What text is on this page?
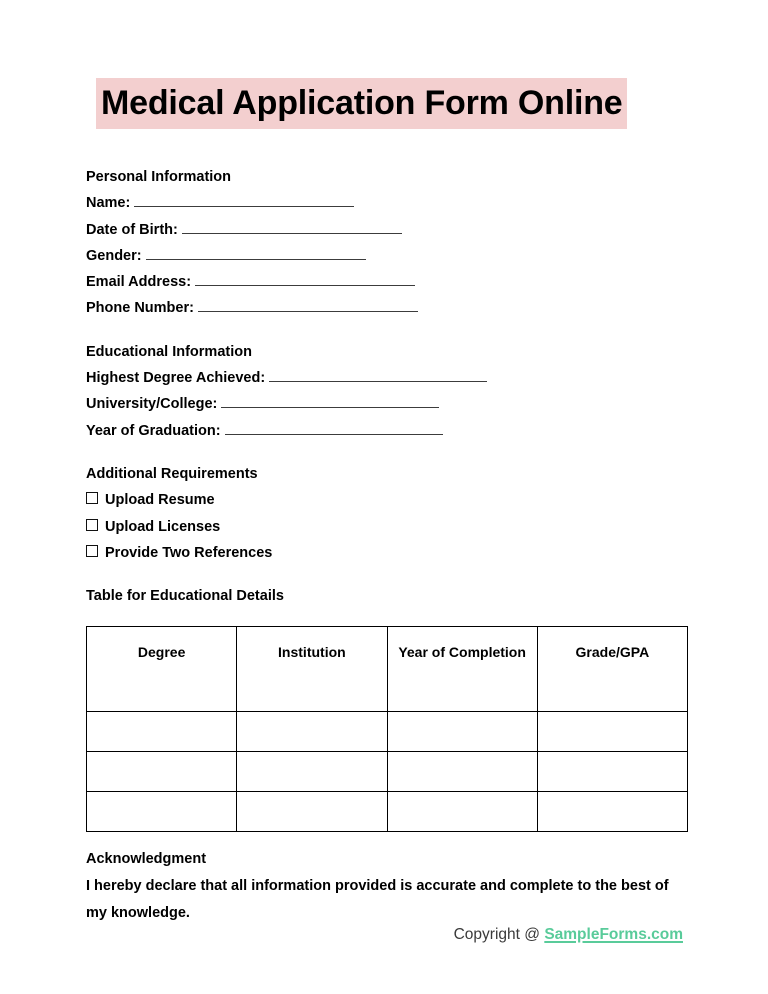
Medical Application Form Online
Personal Information
Name:
Date of Birth:
Gender:
Email Address:
Phone Number:
Educational Information
Highest Degree Achieved:
University/College:
Year of Graduation:
Additional Requirements
Upload Resume
Upload Licenses
Provide Two References
Table for Educational Details
Degree	Institution	Year of Completion	Grade/GPA

Acknowledgment
I hereby declare that all information provided is accurate and complete to the best of my knowledge.
Copyright @ SampleForms.com
